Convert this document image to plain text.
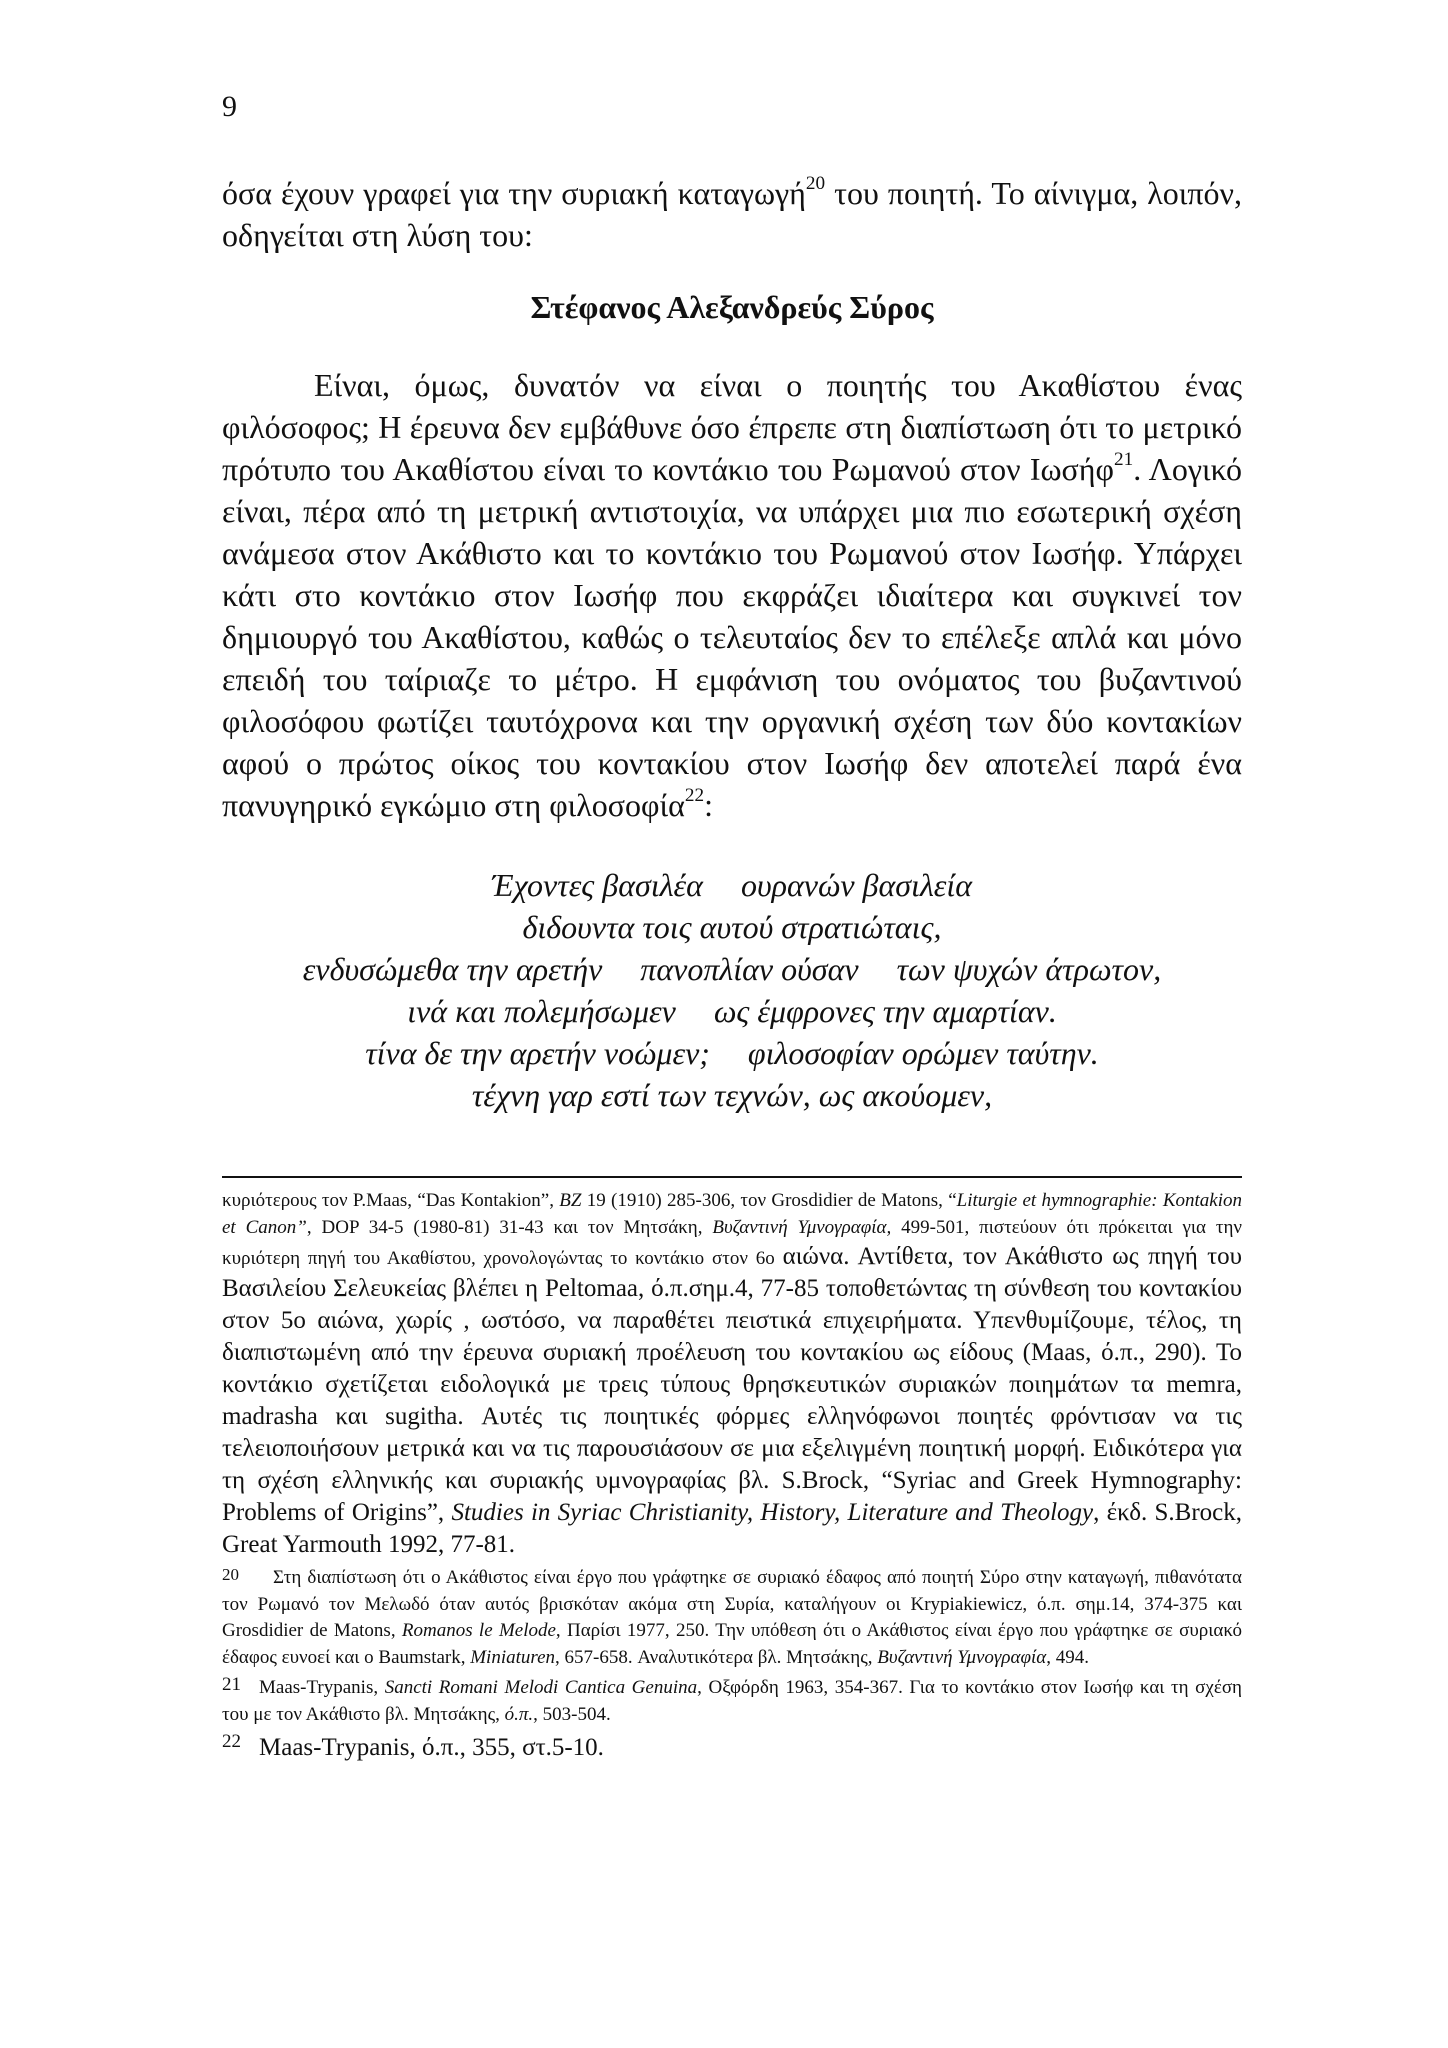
9

όσα έχουν γραφεί για την συριακή καταγωγή$^{20}$ του ποιητή. Το αίνιγμα, λοιπόν, οδηγείται στη λύση του:

Στέφανος Αλεξανδρεύς Σύρος

Είναι, όμως, δυνατόν να είναι ο ποιητής του Ακαθίστου ένας φιλόσοφος; Η έρευνα δεν εμβάθυνε όσο έπρεπε στη διαπίστωση ότι το μετρικό πρότυπο του Ακαθίστου είναι το κοντάκιο του Ρωμανού στον Ιωσήφ$^{21}$. Λογικό είναι, πέρα από τη μετρική αντιστοιχία, να υπάρχει μια πιο εσωτερική σχέση ανάμεσα στον Ακάθιστο και το κοντάκιο του Ρωμανού στον Ιωσήφ. Υπάρχει κάτι στο κοντάκιο στον Ιωσήφ που εκφράζει ιδιαίτερα και συγκινεί τον δημιουργό του Ακαθίστου, καθώς ο τελευταίος δεν το επέλεξε απλά και μόνο επειδή του ταίριαζε το μέτρο. Η εμφάνιση του ονόματος του βυζαντινού φιλοσόφου φωτίζει ταυτόχρονα και την οργανική σχέση των δύο κοντακίων αφού ο πρώτος οίκος του κοντακίου στον Ιωσήφ δεν αποτελεί παρά ένα πανυγηρικό εγκώμιο στη φιλοσοφία$^{22}$:

Έχοντες βασιλέα ουρανών βασιλεία
διδουντα τοις αυτού στρατιώταις,
ενδυσώμεθα την αρετήν πανοπλίαν ούσαν των ψυχών άτρωτον,
ινά και πολεμήσωμεν ως έμφρονες την αμαρτίαν.
τίνα δε την αρετήν νοώμεν; φιλοσοφίαν ορώμεν ταύτην.
τέχνη γαρ εστί των τεχνών, ως ακούομεν,

κυριότερους τον P.Maas, “Das Kontakion”, BZ 19 (1910) 285-306, τον Grosdidier de Matons, “Liturgie et hymnographie: Kontakion et Canon”, DOP 34-5 (1980-81) 31-43 και τον Μητσάκη, Βυζαντινή Υμνογραφία, 499-501, πιστεύουν ότι πρόκειται για την κυριότερη πηγή του Ακαθίστου, χρονολογώντας το κοντάκιο στον 6ο αιώνα. Αντίθετα, τον Ακάθιστο ως πηγή του Βασιλείου Σελευκείας βλέπει η Peltomaa, ό.π.σημ.4, 77-85 τοποθετώντας τη σύνθεση του κοντακίου στον 5ο αιώνα, χωρίς , ωστόσο, να παραθέτει πειστικά επιχειρήματα. Υπενθυμίζουμε, τέλος, τη διαπιστωμένη από την έρευνα συριακή προέλευση του κοντακίου ως είδους (Maas, ό.π., 290). Το κοντάκιο σχετίζεται ειδολογικά με τρεις τύπους θρησκευτικών συριακών ποιημάτων τα memra, madrasha και sugitha. Αυτές τις ποιητικές φόρμες ελληνόφωνοι ποιητές φρόντισαν να τις τελειοποιήσουν μετρικά και να τις παρουσιάσουν σε μια εξελιγμένη ποιητική μορφή. Ειδικότερα για τη σχέση ελληνικής και συριακής υμνογραφίας βλ. S.Brock, “Syriac and Greek Hymnography: Problems of Origins”, Studies in Syriac Christianity, History, Literature and Theology, έκδ. S.Brock, Great Yarmouth 1992, 77-81.

20 Στη διαπίστωση ότι ο Ακάθιστος είναι έργο που γράφτηκε σε συριακό έδαφος από ποιητή Σύρο στην καταγωγή, πιθανότατα τον Ρωμανό τον Μελωδό όταν αυτός βρισκόταν ακόμα στη Συρία, καταλήγουν οι Krypiakiewicz, ό.π. σημ.14, 374-375 και Grosdidier de Matons, Romanos le Melode, Παρίσι 1977, 250. Την υπόθεση ότι ο Ακάθιστος είναι έργο που γράφτηκε σε συριακό έδαφος ευνοεί και ο Baumstark, Miniaturen, 657-658. Αναλυτικότερα βλ. Μητσάκης, Βυζαντινή Υμνογραφία, 494.

21 Maas-Trypanis, Sancti Romani Melodi Cantica Genuina, Οξφόρδη 1963, 354-367. Για το κοντάκιο στον Ιωσήφ και τη σχέση του με τον Ακάθιστο βλ. Μητσάκης, ό.π., 503-504.

22 Maas-Trypanis, ό.π., 355, στ.5-10.
